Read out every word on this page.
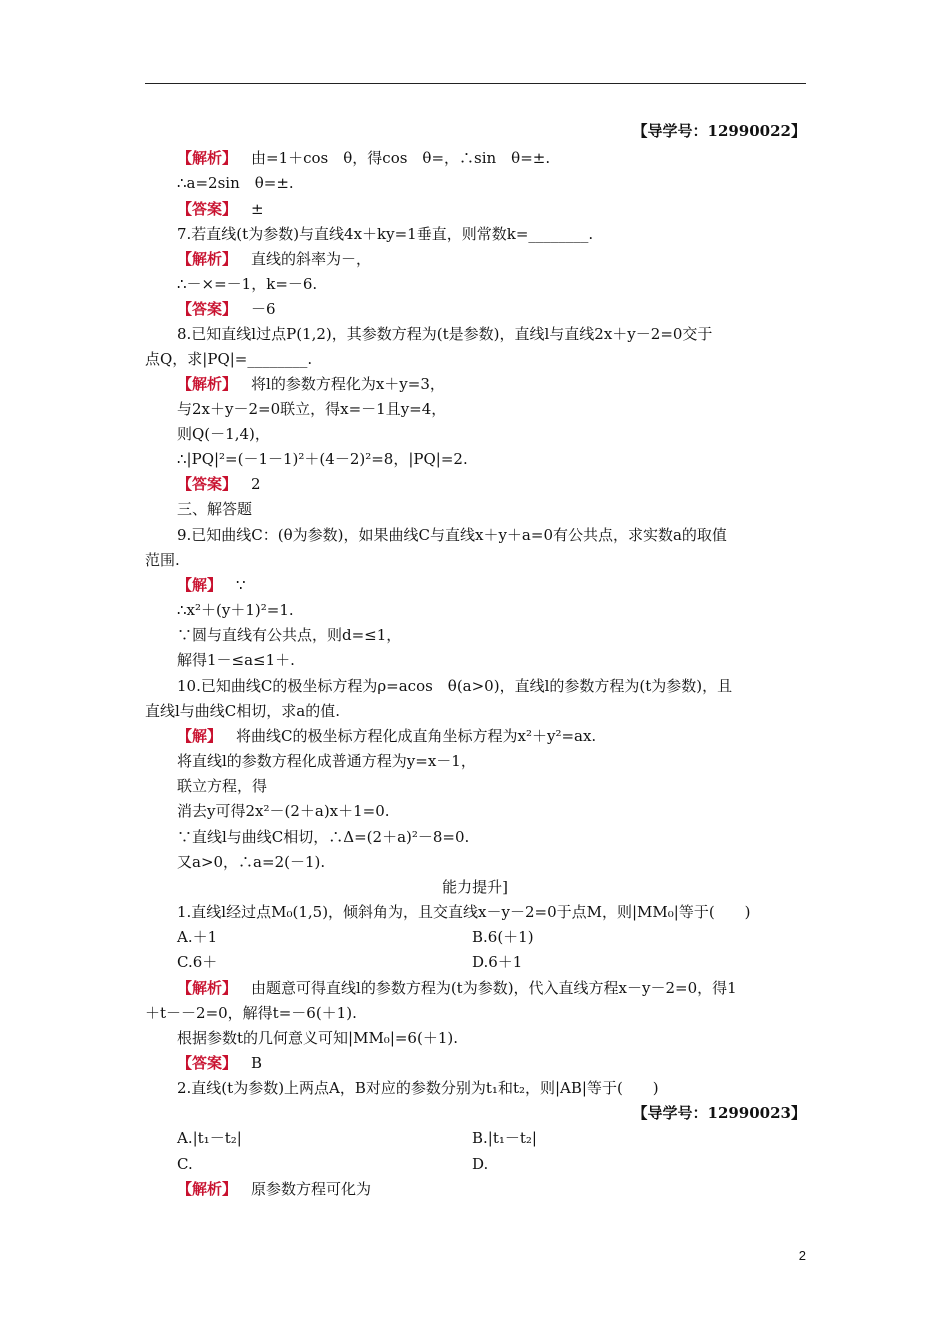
【导学号：12990022】
【解析】 由=1＋cos　θ，得cos　θ=，∴sin　θ=±.
∴a=2sin　θ=±.
【答案】 ±
7.若直线(t为参数)与直线4x＋ky=1垂直，则常数k=________.
【解析】 直线的斜率为－，
∴－×=－1，k=－6.
【答案】 －6
8.已知直线l过点P(1,2)，其参数方程为(t是参数)，直线l与直线2x＋y－2=0交于
点Q，求|PQ|=________.
【解析】 将l的参数方程化为x＋y=3，
与2x＋y－2=0联立，得x=－1且y=4，
则Q(－1,4)，
∴|PQ|²=(－1－1)²＋(4－2)²=8，|PQ|=2.
【答案】 2
三、解答题
9.已知曲线C：(θ为参数)，如果曲线C与直线x＋y＋a=0有公共点，求实数a的取值
范围.
【解】 ∵
∴x²＋(y＋1)²=1.
∵圆与直线有公共点，则d=≤1，
解得1－≤a≤1＋.
10.已知曲线C的极坐标方程为ρ=acos　θ(a>0)，直线l的参数方程为(t为参数)，且
直线l与曲线C相切，求a的值.
【解】 将曲线C的极坐标方程化成直角坐标方程为x²＋y²=ax.
将直线l的参数方程化成普通方程为y=x－1，
联立方程，得
消去y可得2x²－(2＋a)x＋1=0.
∵直线l与曲线C相切，∴Δ=(2＋a)²－8=0.
又a>0，∴a=2(－1).
能力提升]
1.直线l经过点M₀(1,5)，倾斜角为，且交直线x－y－2=0于点M，则|MM₀|等于(　　)
A.＋1	B.6(＋1)
C.6＋	D.6＋1
【解析】 由题意可得直线l的参数方程为(t为参数)，代入直线方程x－y－2=0，得1
＋t－－2=0，解得t=－6(＋1).
根据参数t的几何意义可知|MM₀|=6(＋1).
【答案】 B
2.直线(t为参数)上两点A，B对应的参数分别为t₁和t₂，则|AB|等于(　　)
【导学号：12990023】
A.|t₁－t₂|	B.|t₁－t₂|
C.	D.
【解析】 原参数方程可化为
2
